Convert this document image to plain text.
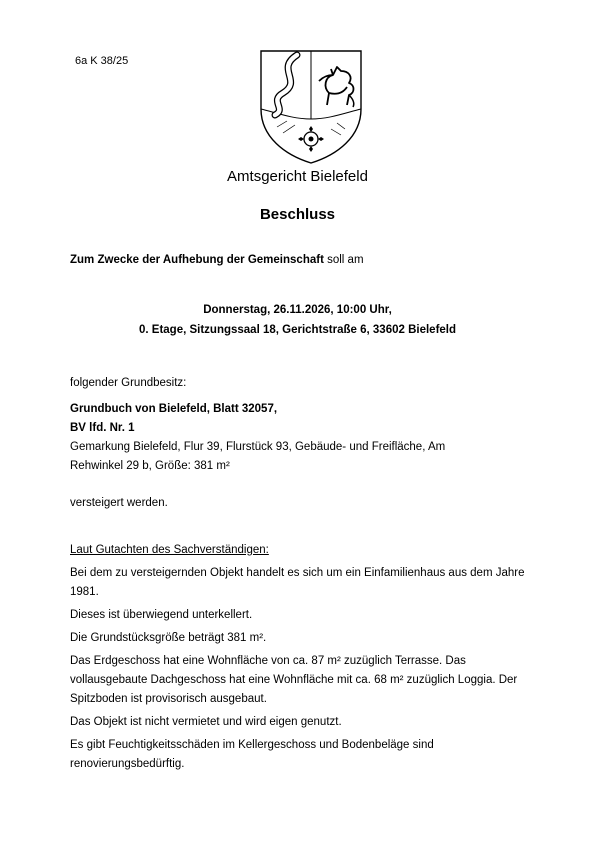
6a K 38/25
Amtsgericht Bielefeld
Beschluss
Zum Zwecke der Aufhebung der Gemeinschaft soll am
Donnerstag, 26.11.2026, 10:00 Uhr,
0. Etage, Sitzungssaal 18, Gerichtstraße 6, 33602 Bielefeld
folgender Grundbesitz:
Grundbuch von Bielefeld, Blatt 32057,
BV lfd. Nr. 1
Gemarkung Bielefeld, Flur 39, Flurstück 93, Gebäude- und Freifläche, Am
Rehwinkel 29 b, Größe: 381 m²
versteigert werden.
Laut Gutachten des Sachverständigen:

Bei dem zu versteigernden Objekt handelt es sich um ein Einfamilienhaus aus dem Jahre 1981.

Dieses ist überwiegend unterkellert.

Die Grundstücksgröße beträgt 381 m².

Das Erdgeschoss hat eine Wohnfläche von ca. 87 m² zuzüglich Terrasse. Das vollausgebaute Dachgeschoss hat eine Wohnfläche mit ca. 68 m² zuzüglich Loggia. Der Spitzboden ist provisorisch ausgebaut.

Das Objekt ist nicht vermietet und wird eigen genutzt.

Es gibt Feuchtigkeitsschäden im Kellergeschoss und Bodenbeläge sind renovierungsbedürftig.
